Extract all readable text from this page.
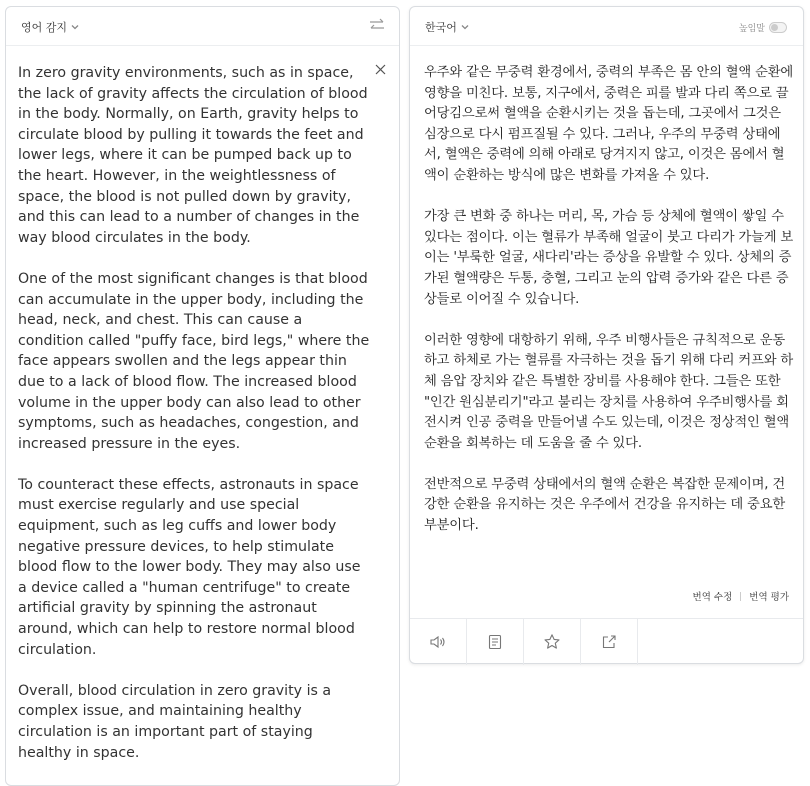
영어 감지

In zero gravity environments, such as in space, the lack of gravity affects the circulation of blood in the body. Normally, on Earth, gravity helps to circulate blood by pulling it towards the feet and lower legs, where it can be pumped back up to the heart. However, in the weightlessness of space, the blood is not pulled down by gravity, and this can lead to a number of changes in the way blood circulates in the body.

One of the most significant changes is that blood can accumulate in the upper body, including the head, neck, and chest. This can cause a condition called "puffy face, bird legs," where the face appears swollen and the legs appear thin due to a lack of blood flow. The increased blood volume in the upper body can also lead to other symptoms, such as headaches, congestion, and increased pressure in the eyes.

To counteract these effects, astronauts in space must exercise regularly and use special equipment, such as leg cuffs and lower body negative pressure devices, to help stimulate blood flow to the lower body. They may also use a device called a "human centrifuge" to create artificial gravity by spinning the astronaut around, which can help to restore normal blood circulation.

Overall, blood circulation in zero gravity is a complex issue, and maintaining healthy circulation is an important part of staying healthy in space.

한국어	높임말

우주와 같은 무중력 환경에서, 중력의 부족은 몸 안의 혈액 순환에 영향을 미친다. 보통, 지구에서, 중력은 피를 발과 다리 쪽으로 끌어당김으로써 혈액을 순환시키는 것을 돕는데, 그곳에서 그것은 심장으로 다시 펌프질될 수 있다. 그러나, 우주의 무중력 상태에서, 혈액은 중력에 의해 아래로 당겨지지 않고, 이것은 몸에서 혈액이 순환하는 방식에 많은 변화를 가져올 수 있다.

가장 큰 변화 중 하나는 머리, 목, 가슴 등 상체에 혈액이 쌓일 수 있다는 점이다. 이는 혈류가 부족해 얼굴이 붓고 다리가 가늘게 보이는 '부룩한 얼굴, 새다리'라는 증상을 유발할 수 있다. 상체의 증가된 혈액량은 두통, 충혈, 그리고 눈의 압력 증가와 같은 다른 증상들로 이어질 수 있습니다.

이러한 영향에 대항하기 위해, 우주 비행사들은 규칙적으로 운동하고 하체로 가는 혈류를 자극하는 것을 돕기 위해 다리 커프와 하체 음압 장치와 같은 특별한 장비를 사용해야 한다. 그들은 또한 "인간 원심분리기"라고 불리는 장치를 사용하여 우주비행사를 회전시켜 인공 중력을 만들어낼 수도 있는데, 이것은 정상적인 혈액 순환을 회복하는 데 도움을 줄 수 있다.

전반적으로 무중력 상태에서의 혈액 순환은 복잡한 문제이며, 건강한 순환을 유지하는 것은 우주에서 건강을 유지하는 데 중요한 부분이다.

번역 수정 번역 평가
